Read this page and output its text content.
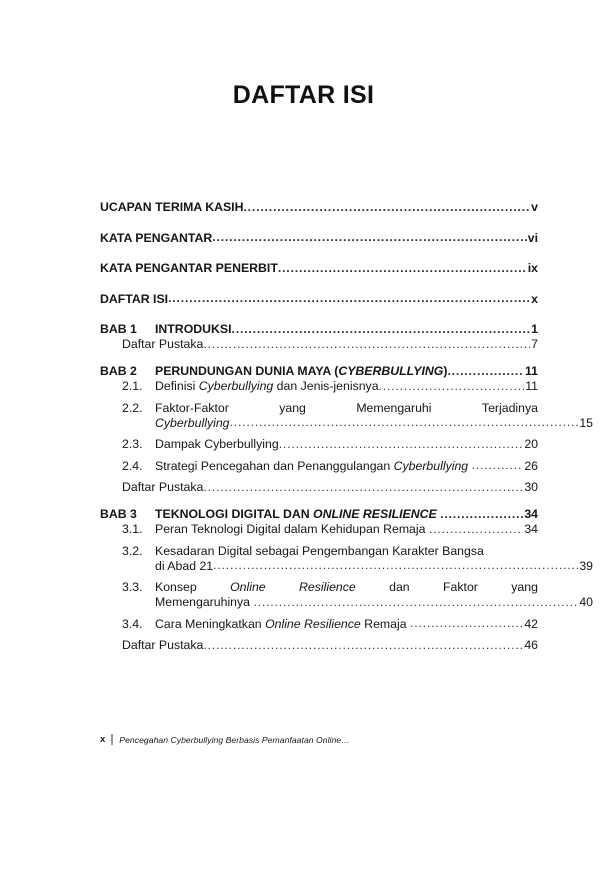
DAFTAR ISI
UCAPAN TERIMA KASIH .....	v
KATA PENGANTAR .....	vi
KATA PENGANTAR PENERBIT .....	ix
DAFTAR ISI .....	x
BAB 1	INTRODUKSI .....	1
Daftar Pustaka .....	7
BAB 2	PERUNDUNGAN DUNIA MAYA (CYBERBULLYING) .....	11
2.1.	Definisi Cyberbullying dan Jenis-jenisnya .....	11
2.2.	Faktor-Faktor	yang	Memengaruhi	Terjadinya
Cyberbullying .....	15
2.3.	Dampak Cyberbullying .....	20
2.4.	Strategi Pencegahan dan Penanggulangan Cyberbullying .....	26
Daftar Pustaka .....	30
BAB 3	TEKNOLOGI DIGITAL DAN ONLINE RESILIENCE .....	34
3.1.	Peran Teknologi Digital dalam Kehidupan Remaja .....	34
3.2.	Kesadaran Digital sebagai Pengembangan Karakter Bangsa
di Abad 21 .....	39
3.3.	Konsep	Online	Resilience	dan	Faktor	yang
Memengaruhinya .....	40
3.4.	Cara Meningkatkan Online Resilience Remaja .....	42
Daftar Pustaka .....	46
x Pencegahan Cyberbullying Berbasis Pemanfaatan Online…
